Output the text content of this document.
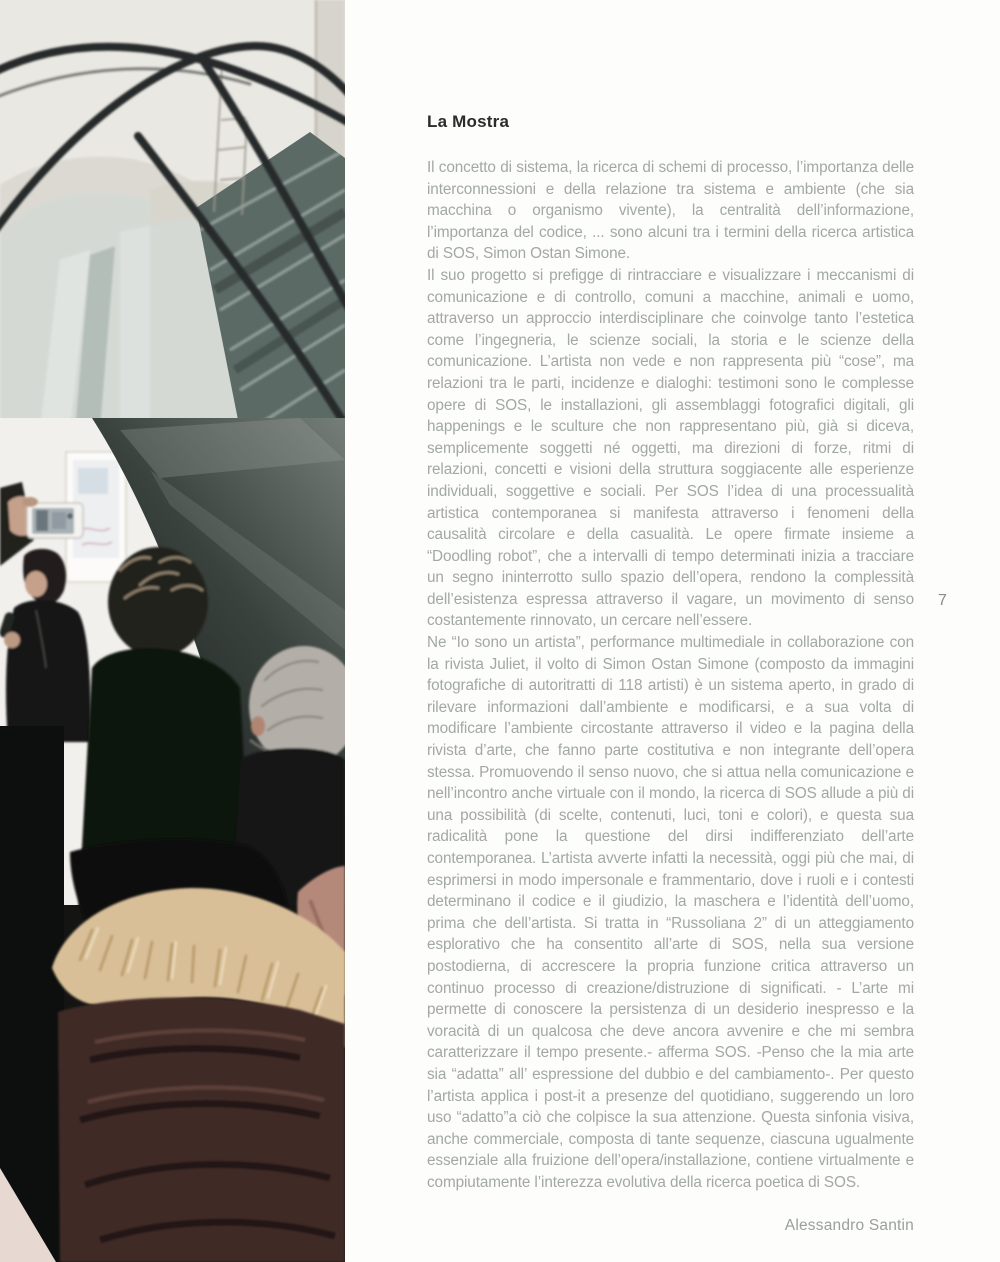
La Mostra

Il concetto di sistema, la ricerca di schemi di processo, l’importanza delle interconnessioni e della relazione tra sistema e ambiente (che sia macchina o organismo vivente), la centralità dell’informazione, l’importanza del codice, ... sono alcuni tra i termini della ricerca artistica di SOS, Simon Ostan Simone.

Il suo progetto si prefigge di rintracciare e visualizzare i meccanismi di comunicazione e di controllo, comuni a macchine, animali e uomo, attraverso un approccio interdisciplinare che coinvolge tanto l’estetica come l’ingegneria, le scienze sociali, la storia e le scienze della comunicazione. L’artista non vede e non rappresenta più “cose”, ma relazioni tra le parti, incidenze e dialoghi: testimoni sono le complesse opere di SOS, le installazioni, gli assemblaggi fotografici digitali, gli happenings e le sculture che non rappresentano più, già si diceva, semplicemente soggetti né oggetti, ma direzioni di forze, ritmi di relazioni, concetti e visioni della struttura soggiacente alle esperienze individuali, soggettive e sociali. Per SOS l’idea di una processualità artistica contemporanea si manifesta attraverso i fenomeni della causalità circolare e della casualità. Le opere firmate insieme a “Doodling robot”, che a intervalli di tempo determinati inizia a tracciare un segno ininterrotto sullo spazio dell’opera, rendono la complessità dell’esistenza espressa attraverso il vagare, un movimento di senso costantemente rinnovato, un cercare nell’essere.

Ne “Io sono un artista”, performance multimediale in collaborazione con la rivista Juliet, il volto di Simon Ostan Simone (composto da immagini fotografiche di autoritratti di 118 artisti) è un sistema aperto, in grado di rilevare informazioni dall’ambiente e modificarsi, e a sua volta di modificare l’ambiente circostante attraverso il video e la pagina della rivista d’arte, che fanno parte costitutiva e non integrante dell’opera stessa. Promuovendo il senso nuovo, che si attua nella comunicazione e nell’incontro anche virtuale con il mondo, la ricerca di SOS allude a più di una possibilità (di scelte, contenuti, luci, toni e colori), e questa sua radicalità pone la questione del dirsi indifferenziato dell’arte contemporanea. L’artista avverte infatti la necessità, oggi più che mai, di esprimersi in modo impersonale e frammentario, dove i ruoli e i contesti determinano il codice e il giudizio, la maschera e l’identità dell’uomo, prima che dell’artista. Si tratta in “Russoliana 2” di un atteggiamento esplorativo che ha consentito all’arte di SOS, nella sua versione postodierna, di accrescere la propria funzione critica attraverso un continuo processo di creazione/distruzione di significati. - L’arte mi permette di conoscere la persistenza di un desiderio inespresso e la voracità di un qualcosa che deve ancora avvenire e che mi sembra caratterizzare il tempo presente.- afferma SOS. -Penso che la mia arte sia “adatta” all’ espressione del dubbio e del cambiamento-. Per questo l’artista applica i post-it a presenze del quotidiano, suggerendo un loro uso “adatto”a ciò che colpisce la sua attenzione. Questa sinfonia visiva, anche commerciale, composta di tante sequenze, ciascuna ugualmente essenziale alla fruizione dell’opera/installazione, contiene virtualmente e compiutamente l’interezza evolutiva della ricerca poetica di SOS.

Alessandro Santin
7
